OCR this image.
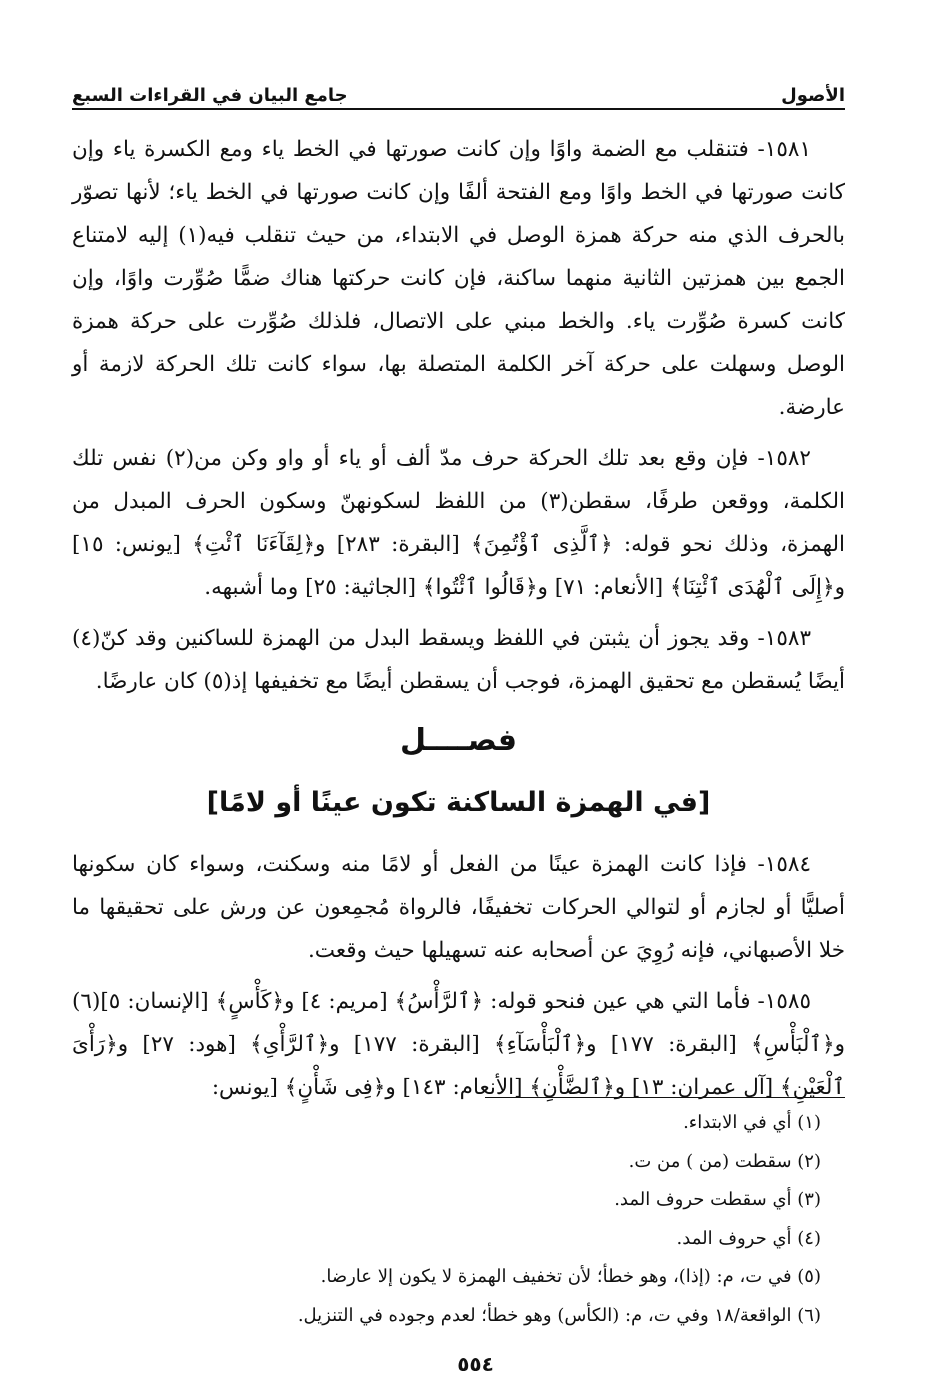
الأصول
جامع البيان في القراءات السبع

١٥٨١- فتنقلب مع الضمة واوًا وإن كانت صورتها في الخط ياء ومع الكسرة ياء وإن كانت صورتها في الخط واوًا ومع الفتحة ألفًا وإن كانت صورتها في الخط ياء؛ لأنها تصوّر بالحرف الذي منه حركة همزة الوصل في الابتداء، من حيث تنقلب فيه(١) إليه لامتناع الجمع بين همزتين الثانية منهما ساكنة، فإن كانت حركتها هناك ضمًّا صُوِّرت واوًا، وإن كانت كسرة صُوِّرت ياء. والخط مبني على الاتصال، فلذلك صُوِّرت على حركة همزة الوصل وسهلت على حركة آخر الكلمة المتصلة بها، سواء كانت تلك الحركة لازمة أو عارضة.

١٥٨٢- فإن وقع بعد تلك الحركة حرف مدّ ألف أو ياء أو واو وكن من(٢) نفس تلك الكلمة، ووقعن طرفًا، سقطن(٣) من اللفظ لسكونهنّ وسكون الحرف المبدل من الهمزة، وذلك نحو قوله: ﴿ٱلَّذِى ٱؤْتُمِنَ﴾ [البقرة: ٢٨٣] و﴿لِقَآءَنَا ٱئْتِ﴾ [يونس: ١٥] و﴿إِلَى ٱلْهُدَى ٱئْتِنَا﴾ [الأنعام: ٧١] و﴿قَالُوا ٱئْتُوا﴾ [الجاثية: ٢٥] وما أشبهه.

١٥٨٣- وقد يجوز أن يثبتن في اللفظ ويسقط البدل من الهمزة للساكنين وقد كنّ(٤) أيضًا يُسقطن مع تحقيق الهمزة، فوجب أن يسقطن أيضًا مع تخفيفها إذ(٥) كان عارضًا.

فصــــل
[في الهمزة الساكنة تكون عينًا أو لامًا]

١٥٨٤- فإذا كانت الهمزة عينًا من الفعل أو لامًا منه وسكنت، وسواء كان سكونها أصليًّا أو لجازم أو لتوالي الحركات تخفيفًا، فالرواة مُجمِعون عن ورش على تحقيقها ما خلا الأصبهاني، فإنه رُوِيَ عن أصحابه عنه تسهيلها حيث وقعت.

١٥٨٥- فأما التي هي عين فنحو قوله: ﴿ٱلرَّأْسُ﴾ [مريم: ٤] و﴿كَأْسٍ﴾ [الإنسان: ٥](٦) و﴿ٱلْبَأْسِ﴾ [البقرة: ١٧٧] و﴿ٱلْبَأْسَآءِ﴾ [البقرة: ١٧٧] و﴿ٱلرَّأْىِ﴾ [هود: ٢٧] و﴿رَأْىَ ٱلْعَيْنِ﴾ [آل عمران: ١٣] و﴿ٱلضَّأْنِ﴾ [الأنعام: ١٤٣] و﴿فِى شَأْنٍ﴾ [يونس:

(١) أي في الابتداء.

(٢) سقطت (من ) من ت.

(٣) أي سقطت حروف المد.

(٤) أي حروف المد.

(٥) في ت، م: (إذا)، وهو خطأ؛ لأن تخفيف الهمزة لا يكون إلا عارضا.

(٦) الواقعة/١٨ وفي ت، م: (الكأس) وهو خطأ؛ لعدم وجوده في التنزيل.

٥٥٤
